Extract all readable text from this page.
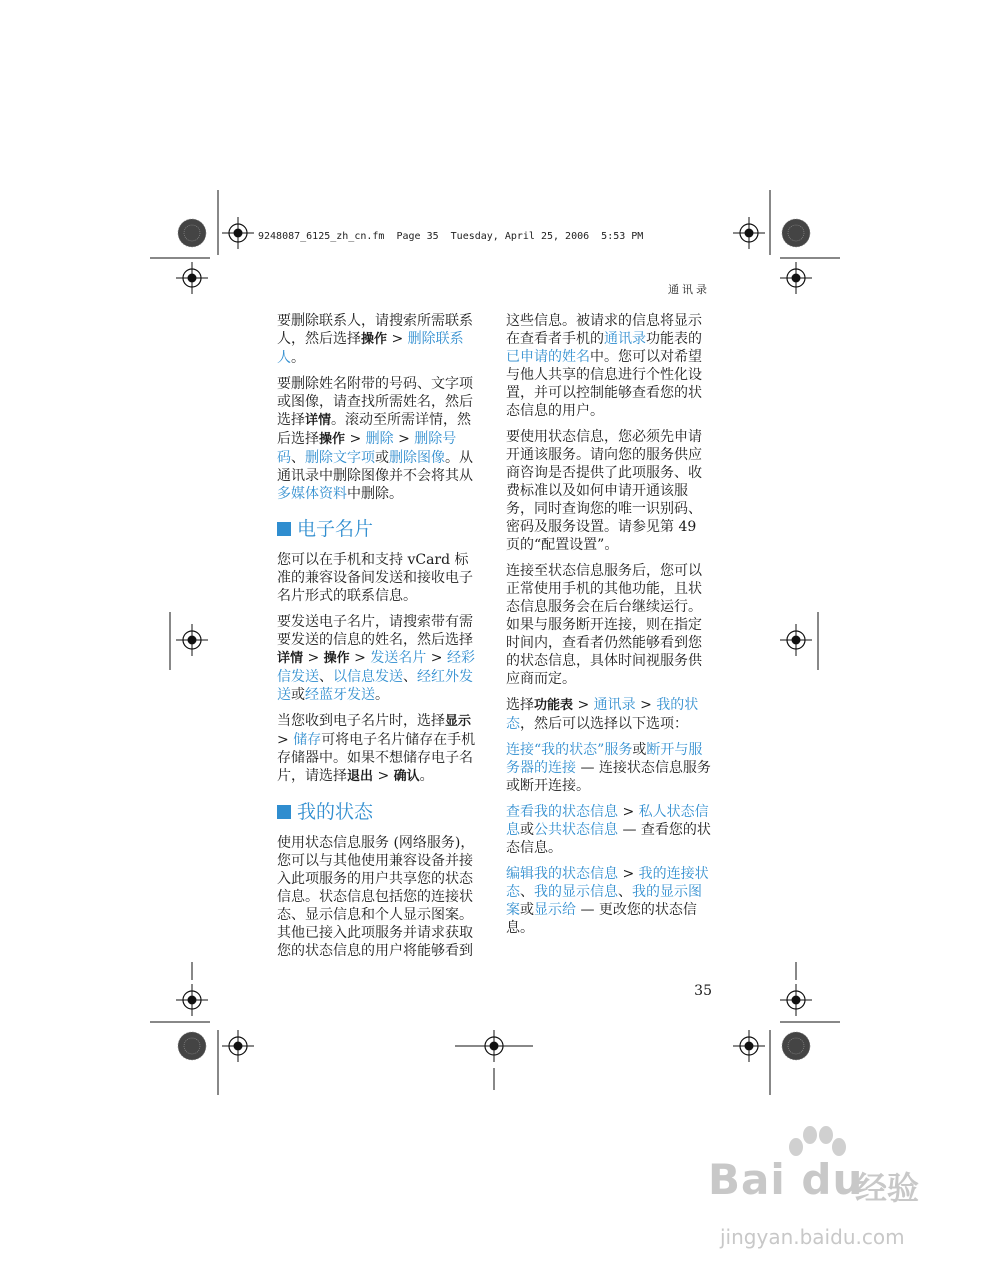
9248087_6125_zh_cn.fm  Page 35  Tuesday, April 25, 2006  5:53 PM
通讯录

要删除联系人，请搜索所需联系人，然后选择操作 > 删除联系人。

要删除姓名附带的号码、文字项或图像，请查找所需姓名，然后选择详情。滚动至所需详情，然后选择操作 > 删除 > 删除号码、删除文字项或删除图像。从通讯录中删除图像并不会将其从多媒体资料中删除。

电子名片

您可以在手机和支持 vCard 标准的兼容设备间发送和接收电子名片形式的联系信息。

要发送电子名片，请搜索带有需要发送的信息的姓名，然后选择详情 > 操作 > 发送名片 > 经彩信发送、以信息发送、经红外发送或经蓝牙发送。

当您收到电子名片时，选择显示 > 储存可将电子名片储存在手机存储器中。如果不想储存电子名片，请选择退出 > 确认。

我的状态

使用状态信息服务 (网络服务)，您可以与其他使用兼容设备并接入此项服务的用户共享您的状态信息。状态信息包括您的连接状态、显示信息和个人显示图案。其他已接入此项服务并请求获取您的状态信息的用户将能够看到

这些信息。被请求的信息将显示在查看者手机的通讯录功能表的已申请的姓名中。您可以对希望与他人共享的信息进行个性化设置，并可以控制能够查看您的状态信息的用户。

要使用状态信息，您必须先申请开通该服务。请向您的服务供应商咨询是否提供了此项服务、收费标准以及如何申请开通该服务，同时查询您的唯一识别码、密码及服务设置。请参见第 49 页的“配置设置”。

连接至状态信息服务后，您可以正常使用手机的其他功能，且状态信息服务会在后台继续运行。如果与服务断开连接，则在指定时间内，查看者仍然能够看到您的状态信息，具体时间视服务供应商而定。

选择功能表 > 通讯录 > 我的状态，然后可以选择以下选项：

连接“我的状态”服务或断开与服务器的连接 — 连接状态信息服务或断开连接。

查看我的状态信息 > 私人状态信息或公共状态信息 — 查看您的状态信息。

编辑我的状态信息 > 我的连接状态、我的显示信息、我的显示图案或显示给 — 更改您的状态信息。

35
Bai du
经验
jingyan.baidu.com
